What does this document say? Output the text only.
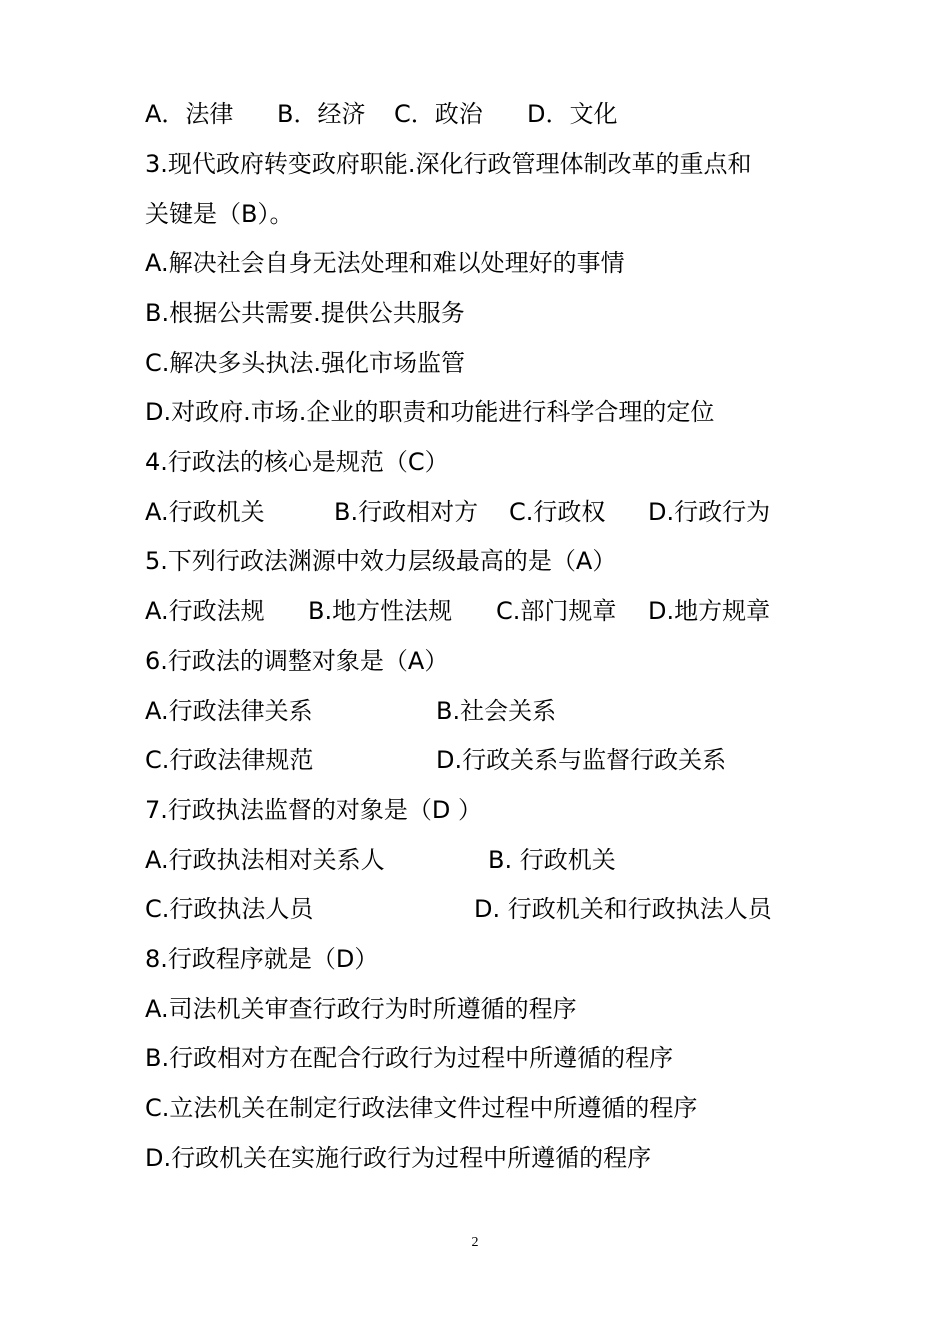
A．法律 B．经济 C．政治 D．文化
3.现代政府转变政府职能.深化行政管理体制改革的重点和
关键是（B）。
A.解决社会自身无法处理和难以处理好的事情
B.根据公共需要.提供公共服务
C.解决多头执法.强化市场监管
D.对政府.市场.企业的职责和功能进行科学合理的定位
4.行政法的核心是规范（C）
A.行政机关	B.行政相对方 C.行政权 D.行政行为
5.下列行政法渊源中效力层级最高的是（A）
A.行政法规 B.地方性法规 C.部门规章 D.地方规章
6.行政法的调整对象是（A）
A.行政法律关系	B.社会关系
C.行政法律规范	D.行政关系与监督行政关系
7.行政执法监督的对象是（D ）
A.行政执法相对关系人	B. 行政机关
C.行政执法人员	D. 行政机关和行政执法人员
8.行政程序就是（D）
A.司法机关审查行政行为时所遵循的程序
B.行政相对方在配合行政行为过程中所遵循的程序
C.立法机关在制定行政法律文件过程中所遵循的程序
D.行政机关在实施行政行为过程中所遵循的程序
2
